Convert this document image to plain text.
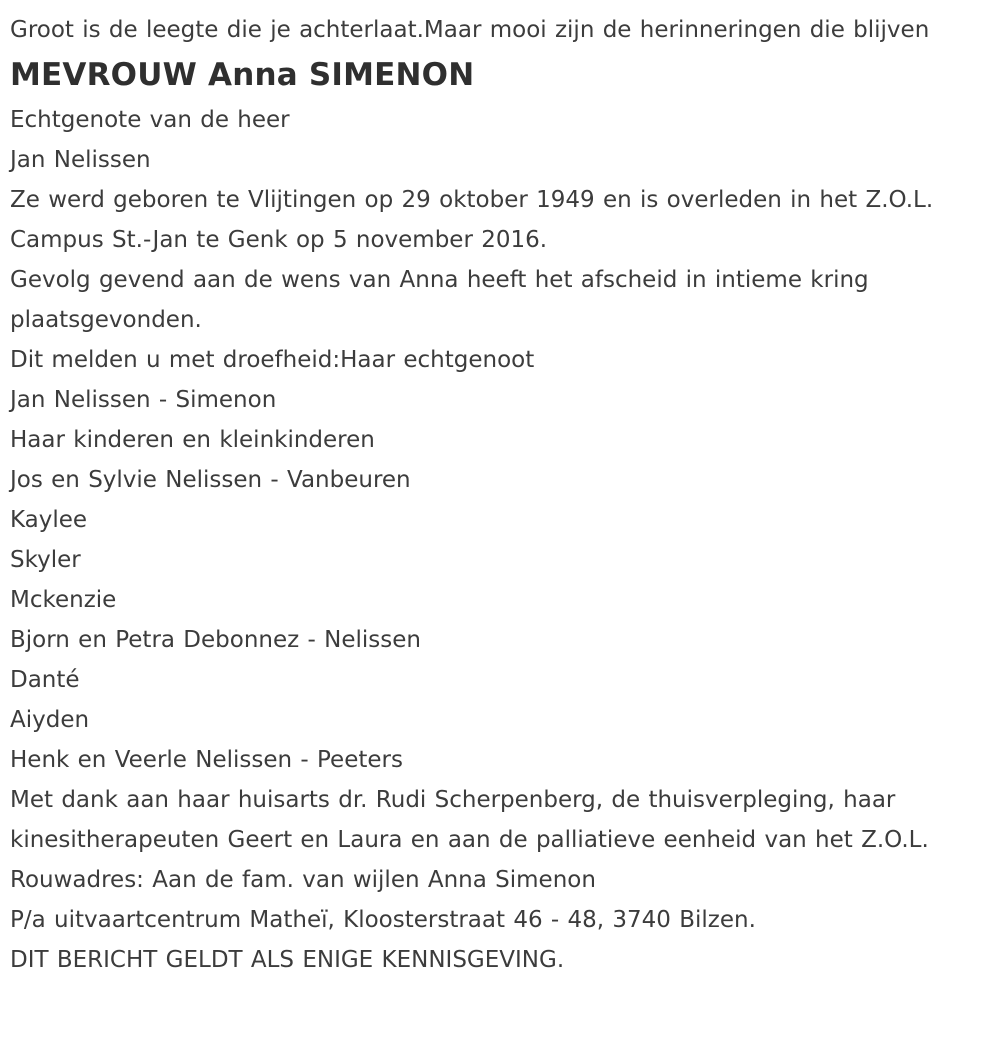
Groot is de leegte die je achterlaat.Maar mooi zijn de herinneringen die blijven

MEVROUW Anna SIMENON

Echtgenote van de heer

Jan Nelissen

Ze werd geboren te Vlijtingen op 29 oktober 1949 en is overleden in het Z.O.L. Campus St.-Jan te Genk op 5 november 2016.

Gevolg gevend aan de wens van Anna heeft het afscheid in intieme kring plaatsgevonden.

Dit melden u met droefheid:Haar echtgenoot

Jan Nelissen - Simenon

Haar kinderen en kleinkinderen

Jos en Sylvie Nelissen - Vanbeuren

Kaylee

Skyler

Mckenzie

Bjorn en Petra Debonnez - Nelissen

Danté

Aiyden

Henk en Veerle Nelissen - Peeters

Met dank aan haar huisarts dr. Rudi Scherpenberg, de thuisverpleging, haar kinesitherapeuten Geert en Laura en aan de palliatieve eenheid van het Z.O.L.

Rouwadres: Aan de fam. van wijlen Anna Simenon

P/a uitvaartcentrum Matheï, Kloosterstraat 46 - 48, 3740 Bilzen.

DIT BERICHT GELDT ALS ENIGE KENNISGEVING.
